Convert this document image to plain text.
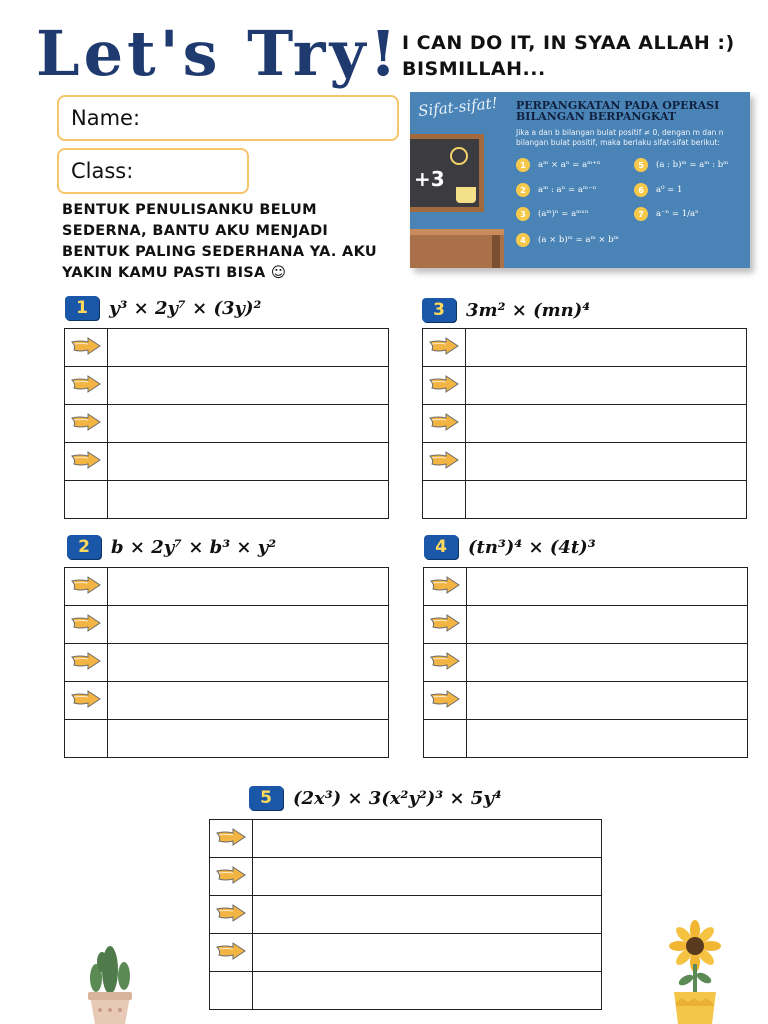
Let's Try! I CAN DO IT, IN SYAA ALLAH :)
BISMILLAH...
Name:
Class:
BENTUK PENULISANKU BELUM SEDERNA, BANTU AKU MENJADI BENTUK PALING SEDERHANA YA. AKU YAKIN KAMU PASTI BISA ☺
Sifat-sifat! PERPANGKATAN PADA OPERASI BILANGAN BERPANGKAT
Jika a dan b bilangan bulat positif ≠ 0, dengan m dan n bilangan bulat positif, maka berlaku sifat-sifat berikut:
+3
1	aᵐ × aⁿ = aᵐ⁺ⁿ
2	aᵐ : aⁿ = aᵐ⁻ⁿ
3	(aᵐ)ⁿ = aᵐˣⁿ
4	(a × b)ᵐ = aᵐ × bᵐ
5	(a : b)ᵐ = aᵐ : bᵐ
6	a⁰ = 1
7	a⁻ⁿ = 1/aⁿ
1	y³ × 2y⁷ × (3y)²

		3	3m² × (mn)⁴

2	b × 2y⁷ × b³ × y²

		4	(tn³)⁴ × (4t)³

5	(2x³) × 3(x²y²)³ × 5y⁴
